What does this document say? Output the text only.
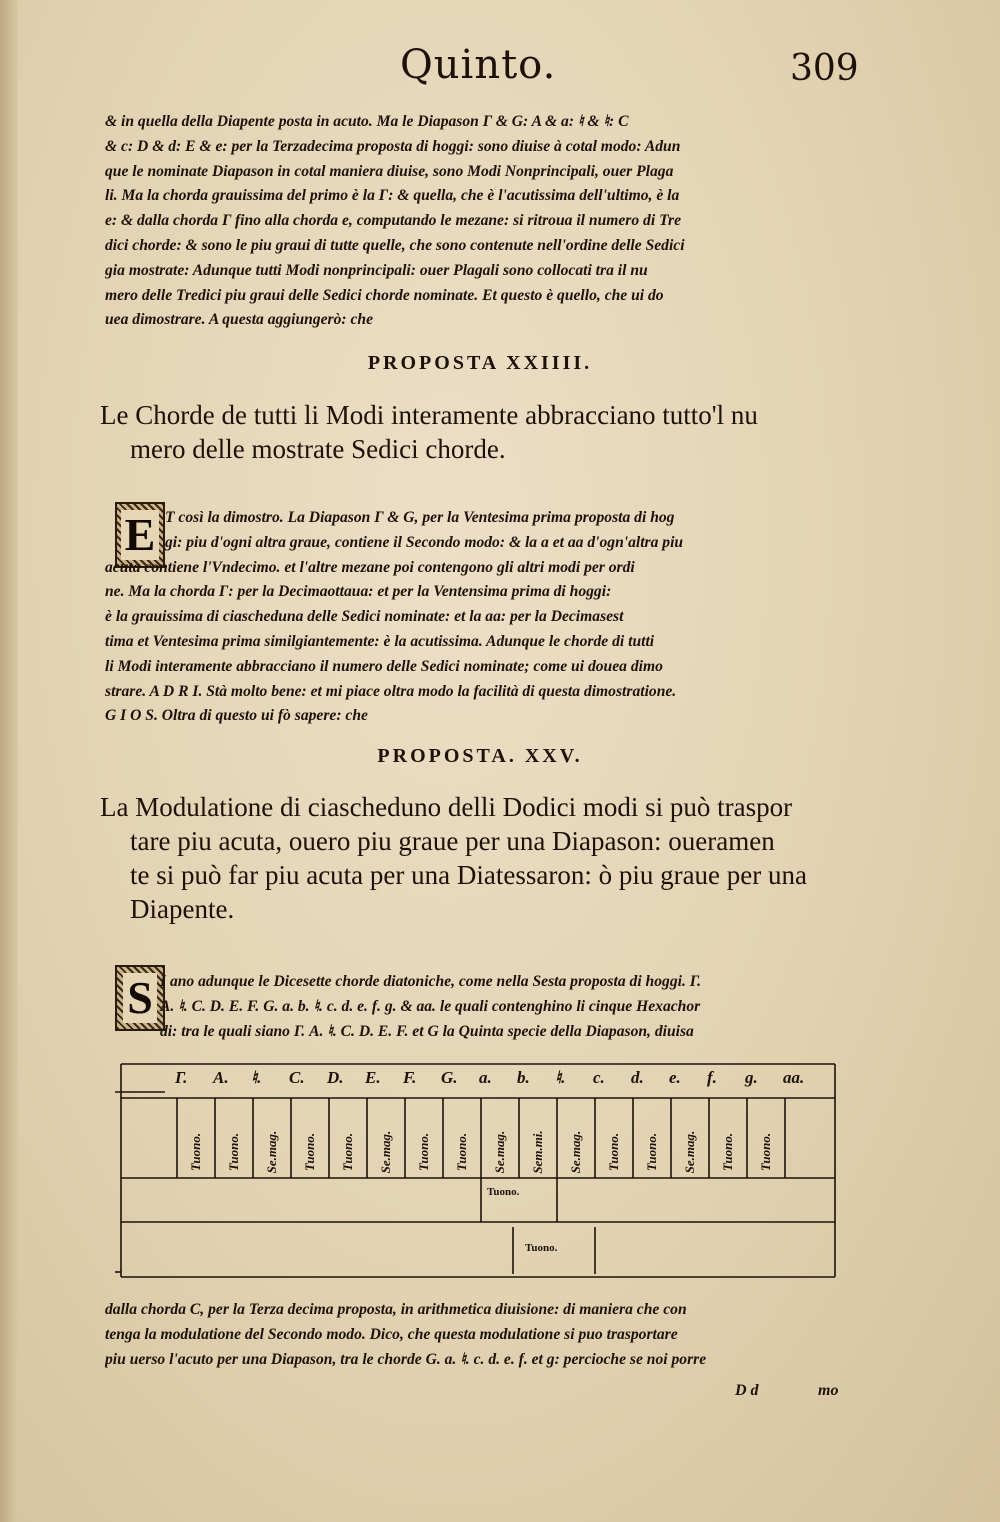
Quinto.	309
& in quella della Diapente posta in acuto. Ma le Diapason Γ & G: A & a: ♮ & ♮: C
& c: D & d: E & e: per la Terzadecima proposta di hoggi: sono diuise à cotal modo: Adun
que le nominate Diapason in cotal maniera diuise, sono Modi Nonprincipali, ouer Plaga
li. Ma la chorda grauissima del primo è la Γ: & quella, che è l'acutissima dell'ultimo, è la
e: & dalla chorda Γ fino alla chorda e, computando le mezane: si ritroua il numero di Tre
dici chorde: & sono le piu graui di tutte quelle, che sono contenute nell'ordine delle Sedici
gia mostrate: Adunque tutti Modi nonprincipali: ouer Plagali sono collocati tra il nu
mero delle Tredici piu graui delle Sedici chorde nominate. Et questo è quello, che ui do
uea dimostrare. A questa aggiungerò: che
PROPOSTA XXIIII.
Le Chorde de tutti li Modi interamente abbracciano tutto'l nu
mero delle mostrate Sedici chorde.
E T così la dimostro. La Diapason Γ & G, per la Ventesima prima proposta di hog
gi: piu d'ogni altra graue, contiene il Secondo modo: & la a et aa d'ogn'altra piu
acuta contiene l'Vndecimo. et l'altre mezane poi contengono gli altri modi per ordi
ne. Ma la chorda Γ: per la Decimaottaua: et per la Ventensima prima di hoggi:
è la grauissima di ciascheduna delle Sedici nominate: et la aa: per la Decimasest
tima et Ventesima prima similgiantemente: è la acutissima. Adunque le chorde di tutti
li Modi interamente abbracciano il numero delle Sedici nominate; come ui douea dimo
strare. A D R I. Stà molto bene: et mi piace oltra modo la facilità di questa dimostratione.
G I O S. Oltra di questo ui fò sapere: che
PROPOSTA. XXV.
La Modulatione di ciascheduno delli Dodici modi si può traspor
tare piu acuta, ouero piu graue per una Diapason: oueramen
te si può far piu acuta per una Diatessaron: ò piu graue per una
Diapente.
S I ano adunque le Dicesette chorde diatoniche, come nella Sesta proposta di hoggi. Γ.
A. ♮. C. D. E. F. G. a. b. ♮. c. d. e. f. g. & aa. le quali contenghino li cinque Hexachor
di: tra le quali siano Γ. A. ♮. C. D. E. F. et G la Quinta specie della Diapason, diuisa
Γ. A. ♮. C. D. E. F. G. a. b. ♮. c. d. e. f. g. aa.
Tuono. Tuono. Se.mag. Tuono. Tuono. Se.mag. Tuono. Tuono. Se.mag. Sem.mi. Se.mag. Tuono. Tuono. Se.mag. Tuono. Tuono.
Tuono.
Tuono.
dalla chorda C, per la Terza decima proposta, in arithmetica diuisione: di maniera che con
tenga la modulatione del Secondo modo. Dico, che questa modulatione si puo trasportare
piu uerso l'acuto per una Diapason, tra le chorde G. a. ♮. c. d. e. f. et g: percioche se noi porre
D d	mo
